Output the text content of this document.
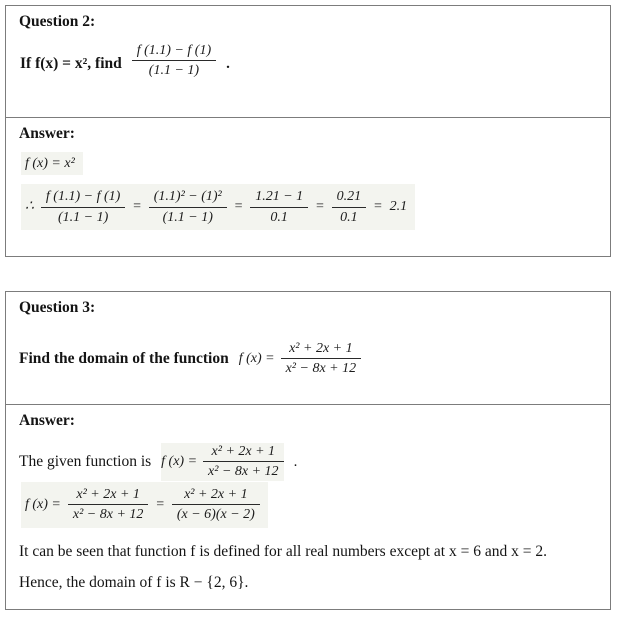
Question 2:
If f(x) = x², find $\frac{f (1.1) - f (1)}{(1.1 - 1)}$ .
Answer:
f (x) = x²
∴ $\frac{f (1.1) - f (1)}{(1.1 - 1)} = \frac{\text{(1.1)² − (1)²}}{(1.1 - 1)} = \frac{1.21 - 1}{0.1} = \frac{0.21}{0.1} = 2.1$
Question 3:
Find the domain of the function f $(x) = \frac{\text{x² + 2x + 1}}{\text{x² − 8x + 12}}$
Answer:
The given function is f $(x) = \frac{\text{x² + 2x + 1}}{\text{x² − 8x + 12}}$ .
f $(x) = \frac{\text{x² + 2x + 1}}{\text{x² − 8x + 12}} = \frac{\text{x² + 2x + 1}}{(x - 6)(x - 2)}$
It can be seen that function f is defined for all real numbers except at x = 6 and x = 2.
Hence, the domain of f is R − {2, 6}.
